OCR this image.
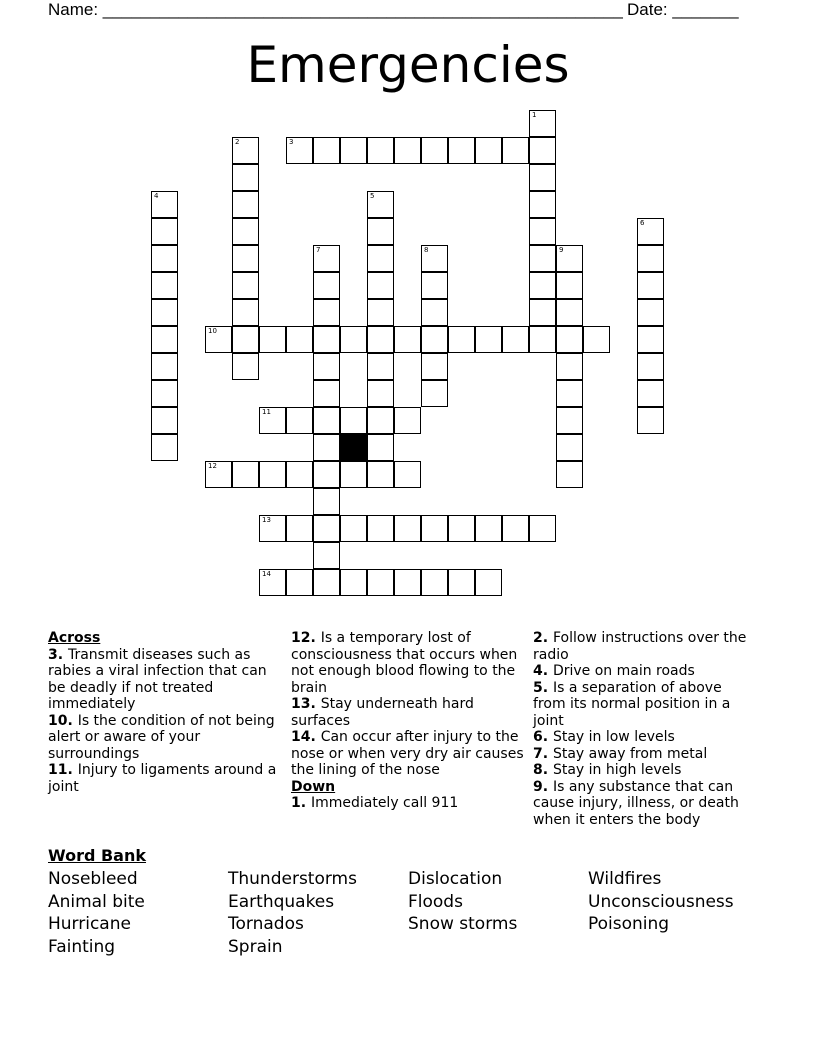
Name: _______________________________________________________ Date: _______
Emergencies
3
10
11
12
13
14
1
2
4	5
6
7	8	9
Across
3. Transmit diseases such as rabies a viral infection that can be deadly if not treated immediately
10. Is the condition of not being alert or aware of your surroundings
11. Injury to ligaments around a joint
12. Is a temporary lost of consciousness that occurs when not enough blood flowing to the brain
13. Stay underneath hard surfaces
14. Can occur after injury to the nose or when very dry air causes the lining of the nose
Down
1. Immediately call 911
2. Follow instructions over the radio
4. Drive on main roads
5. Is a separation of above from its normal position in a joint
6. Stay in low levels
7. Stay away from metal
8. Stay in high levels
9. Is any substance that can cause injury, illness, or death when it enters the body
Word Bank
Nosebleed
Animal bite
Hurricane
Fainting
Thunderstorms
Earthquakes
Tornados
Sprain
Dislocation
Floods
Snow storms
Wildfires
Unconsciousness
Poisoning
